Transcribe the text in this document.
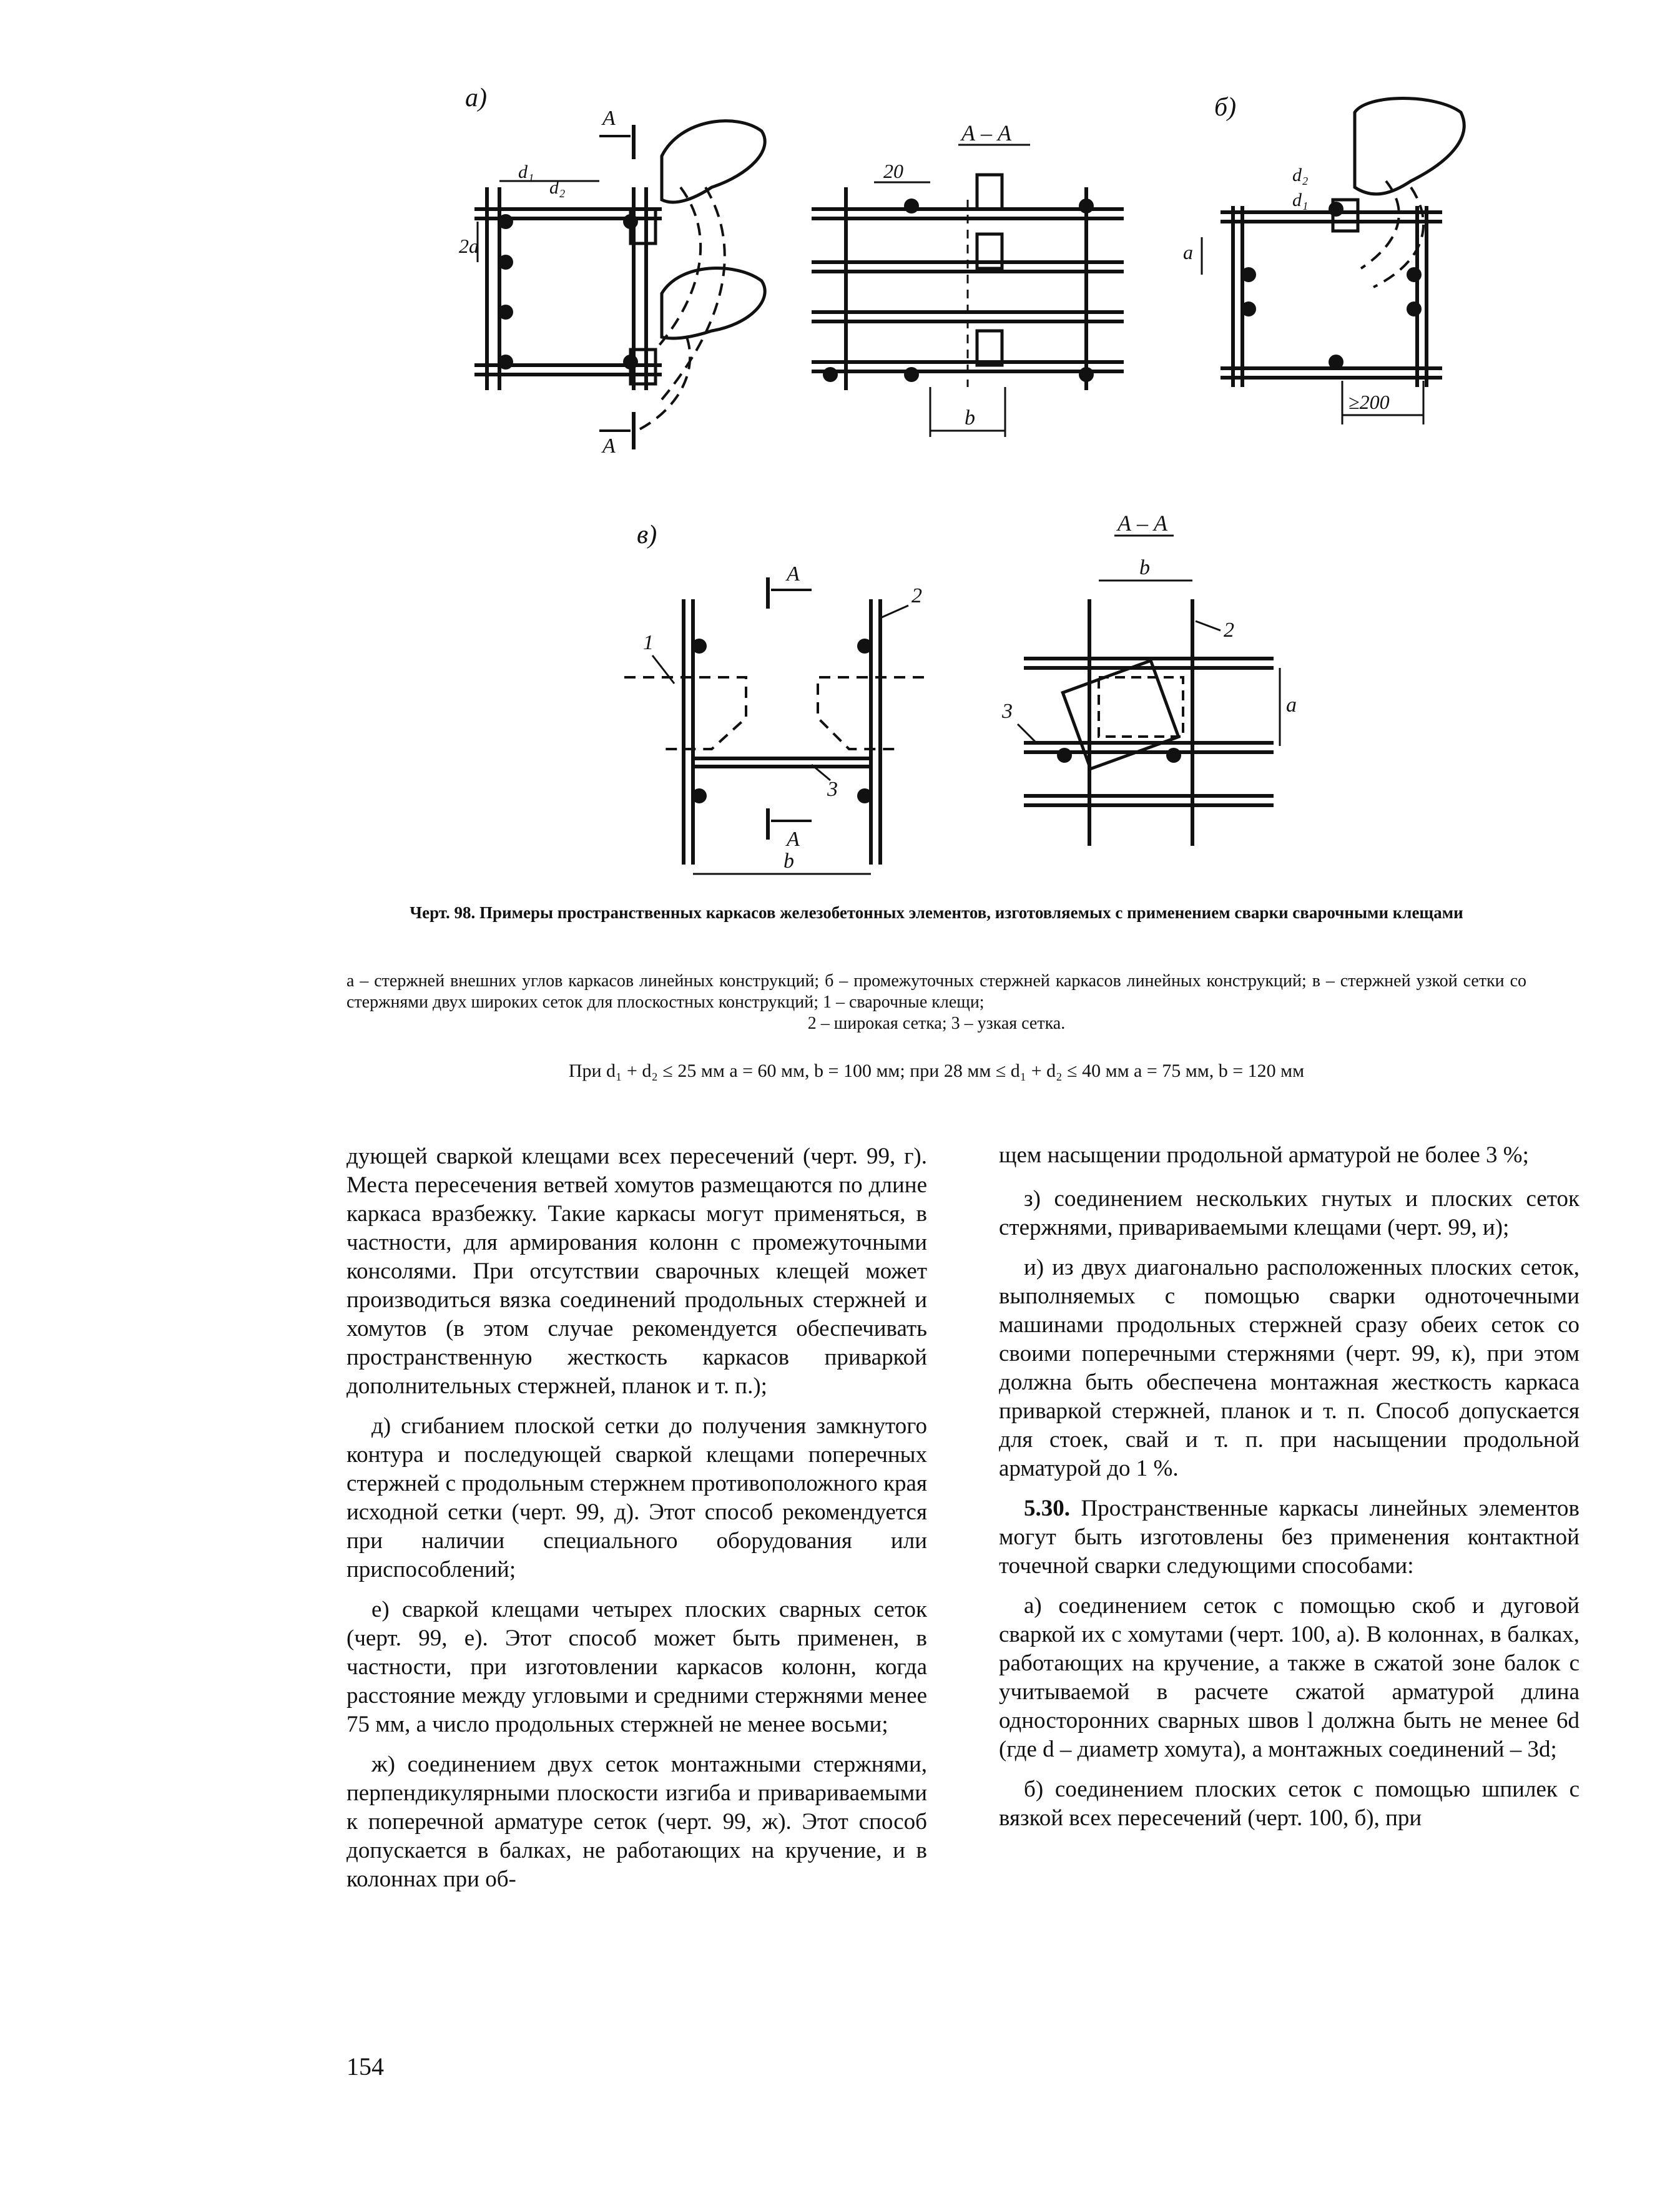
а)
А
А
2a
d₁
d₂
А – А
20
b
б)
a
d₁
d₂
≥200
в)
А
А
1
2
3
b
А – А
b
a
2
3
Черт. 98. Примеры пространственных каркасов железобетонных элементов, изготовляемых с применением сварки сварочными клещами
а – стержней внешних углов каркасов линейных конструкций; б – промежуточных стержней каркасов линейных конструкций; в – стержней узкой сетки со стержнями двух широких сеток для плоскостных конструкций; 1 – сварочные клещи;
2 – широкая сетка; 3 – узкая сетка.
При d₁ + d₂ ≤ 25 мм a = 60 мм, b = 100 мм; при 28 мм ≤ d₁ + d₂ ≤ 40 мм a = 75 мм, b = 120 мм

дующей сваркой клещами всех пересечений (черт. 99, г). Места пересечения ветвей хомутов размещаются по длине каркаса вразбежку. Такие каркасы могут применяться, в частности, для армирования колонн с промежуточными консолями. При отсутствии сварочных клещей может производиться вязка соединений продольных стержней и хомутов (в этом случае рекомендуется обеспечивать пространственную жесткость каркасов приваркой дополнительных стержней, планок и т. п.);

д) сгибанием плоской сетки до получения замкнутого контура и последующей сваркой клещами поперечных стержней с продольным стержнем противоположного края исходной сетки (черт. 99, д). Этот способ рекомендуется при наличии специального оборудования или приспособлений;

е) сваркой клещами четырех плоских сварных сеток (черт. 99, е). Этот способ может быть применен, в частности, при изготовлении каркасов колонн, когда расстояние между угловыми и средними стержнями менее 75 мм, а число продольных стержней не менее восьми;

ж) соединением двух сеток монтажными стержнями, перпендикулярными плоскости изгиба и привариваемыми к поперечной арматуре сеток (черт. 99, ж). Этот способ допускается в балках, не работающих на кручение, и в колоннах при об-

щем насыщении продольной арматурой не более 3 %;

з) соединением нескольких гнутых и плоских сеток стержнями, привариваемыми клещами (черт. 99, и);

и) из двух диагонально расположенных плоских сеток, выполняемых с помощью сварки одноточечными машинами продольных стержней сразу обеих сеток со своими поперечными стержнями (черт. 99, к), при этом должна быть обеспечена монтажная жесткость каркаса приваркой стержней, планок и т. п. Способ допускается для стоек, свай и т. п. при насыщении продольной арматурой до 1 %.

5.30. Пространственные каркасы линейных элементов могут быть изготовлены без применения контактной точечной сварки следующими способами:

а) соединением сеток с помощью скоб и дуговой сваркой их с хомутами (черт. 100, а). В колоннах, в балках, работающих на кручение, а также в сжатой зоне балок с учитываемой в расчете сжатой арматурой длина односторонних сварных швов l должна быть не менее 6d (где d – диаметр хомута), а монтажных соединений – 3d;

б) соединением плоских сеток с помощью шпилек с вязкой всех пересечений (черт. 100, б), при

154
